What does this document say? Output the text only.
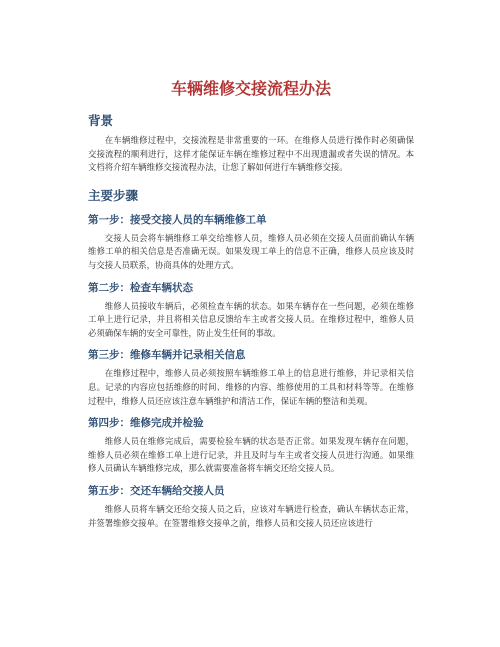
车辆维修交接流程办法
背景

在车辆维修过程中，交接流程是非常重要的一环。在维修人员进行操作时必须确保交接流程的顺利进行，这样才能保证车辆在维修过程中不出现遗漏或者失误的情况。本文档将介绍车辆维修交接流程办法，让您了解如何进行车辆维修交接。

主要步骤
第一步：接受交接人员的车辆维修工单

交接人员会将车辆维修工单交给维修人员，维修人员必须在交接人员面前确认车辆维修工单的相关信息是否准确无误。如果发现工单上的信息不正确，维修人员应该及时与交接人员联系，协商具体的处理方式。

第二步：检查车辆状态

维修人员接收车辆后，必须检查车辆的状态。如果车辆存在一些问题，必须在维修工单上进行记录，并且将相关信息反馈给车主或者交接人员。在维修过程中，维修人员必须确保车辆的安全可靠性，防止发生任何的事故。

第三步：维修车辆并记录相关信息

在维修过程中，维修人员必须按照车辆维修工单上的信息进行维修，并记录相关信息。记录的内容应包括维修的时间、维修的内容、维修使用的工具和材料等等。在维修过程中，维修人员还应该注意车辆维护和清洁工作，保证车辆的整洁和美观。

第四步：维修完成并检验

维修人员在维修完成后，需要检验车辆的状态是否正常。如果发现车辆存在问题，维修人员必须在维修工单上进行记录，并且及时与车主或者交接人员进行沟通。如果维修人员确认车辆维修完成，那么就需要准备将车辆交还给交接人员。

第五步：交还车辆给交接人员

维修人员将车辆交还给交接人员之后，应该对车辆进行检查，确认车辆状态正常，并签署维修交接单。在签署维修交接单之前，维修人员和交接人员还应该进行
